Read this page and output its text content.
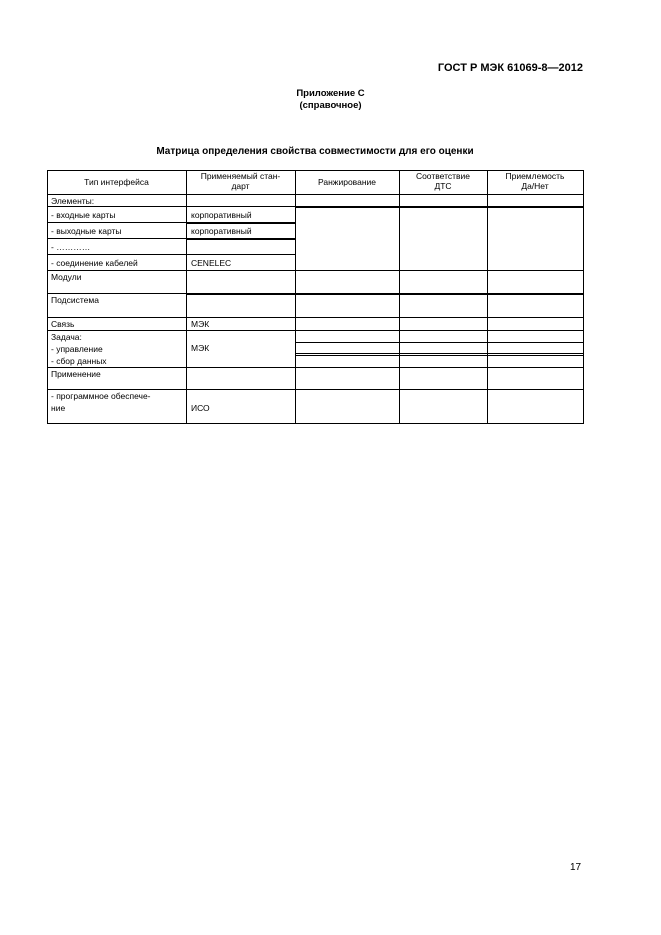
ГОСТ Р МЭК 61069-8—2012
Приложение С
(справочное)
Матрица определения свойства совместимости для его оценки
Тип интерфейса
Применяемый стан-
дарт	Ранжирование
Соответствие
ДТС
Приемлемость
Да/Нет
Элементы:
- входные карты
- выходные карты
- …………
- соединение кабелей
Модули
Подсистема
Связь
Задача:
- управление
- сбор данных
Применение
- программное обеспече-
ние
корпоративный
корпоративный
CENELEC
МЭК
МЭК
ИСО
17
